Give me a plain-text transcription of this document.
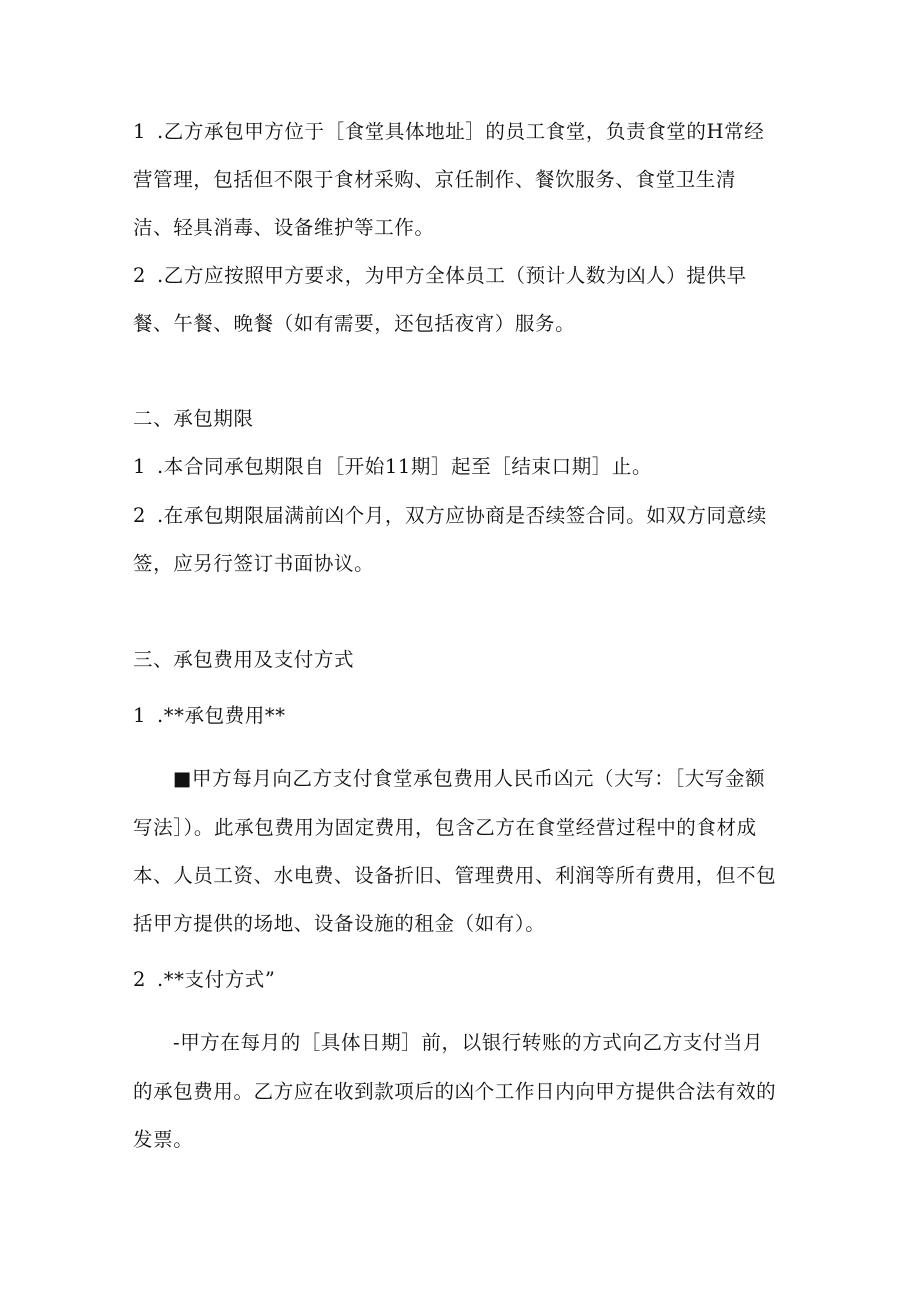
1 .乙方承包甲方位于［食堂具体地址］的员工食堂，负责食堂的H常经

营管理，包括但不限于食材采购、京任制作、餐饮服务、食堂卫生清

洁、轻具消毒、设备维护等工作。

2 .乙方应按照甲方要求，为甲方全体员工（预计人数为凶人）提供早

餐、午餐、晚餐（如有需要，还包括夜宵）服务。

二、承包期限

1 .本合同承包期限自［开始11期］起至［结束口期］止。

2 .在承包期限届满前凶个月，双方应协商是否续签合同。如双方同意续

签，应另行签订书面协议。

三、承包费用及支付方式

1 .**承包费用**

■甲方每月向乙方支付食堂承包费用人民币凶元（大写：［大写金额

写法］）。此承包费用为固定费用，包含乙方在食堂经营过程中的食材成

本、人员工资、水电费、设备折旧、管理费用、利润等所有费用，但不包

括甲方提供的场地、设备设施的租金（如有）。

2 .**支付方式”

-甲方在每月的［具体日期］前，以银行转账的方式向乙方支付当月

的承包费用。乙方应在收到款项后的凶个工作日内向甲方提供合法有效的

发票。
